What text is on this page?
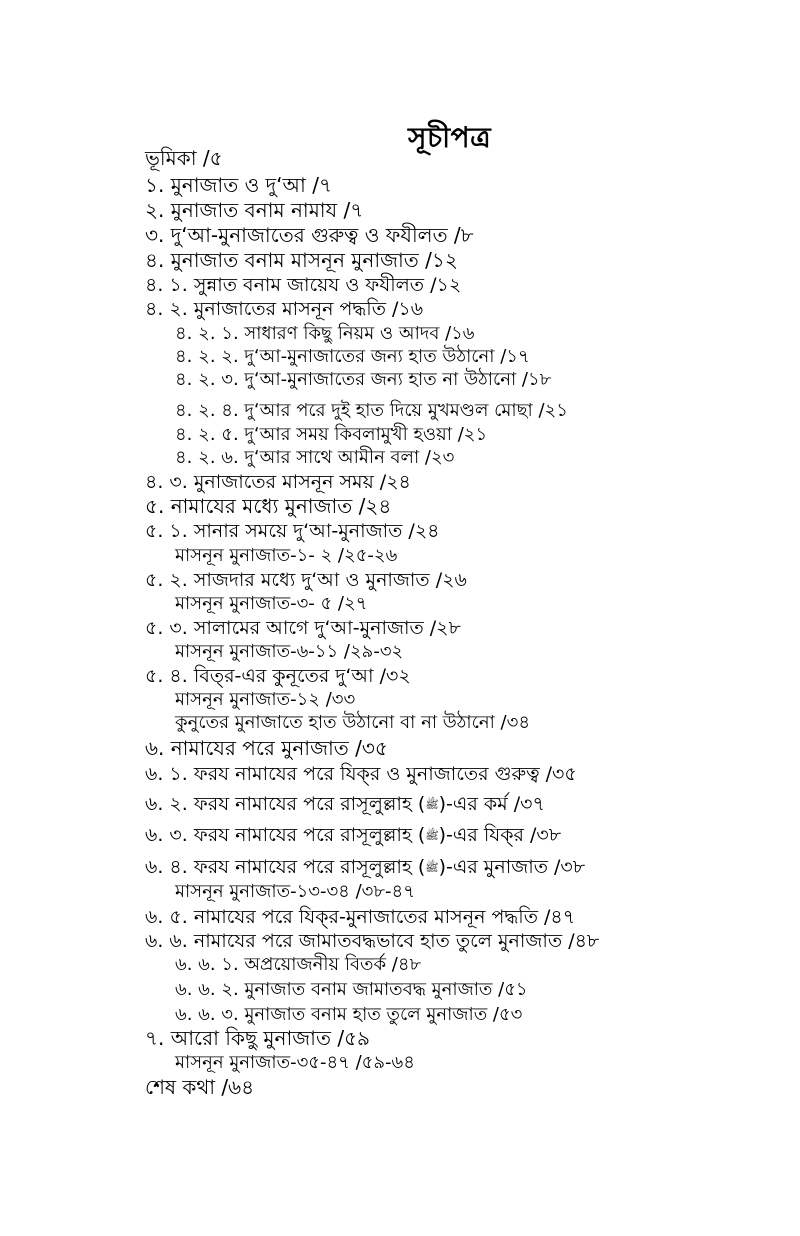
সূচীপত্র
ভূমিকা /৫
১. মুনাজাত ও দু‘আ /৭
২. মুনাজাত বনাম নামায /৭
৩. দু‘আ-মুনাজাতের গুরুত্ব ও ফযীলত /৮
৪. মুনাজাত বনাম মাসনূন মুনাজাত /১২
৪. ১. সুন্নাত বনাম জায়েয ও ফযীলত /১২
৪. ২. মুনাজাতের মাসনূন পদ্ধতি /১৬
৪. ২. ১. সাধারণ কিছু নিয়ম ও আদব /১৬
৪. ২. ২. দু‘আ-মুনাজাতের জন্য হাত উঠানো /১৭
৪. ২. ৩. দু‘আ-মুনাজাতের জন্য হাত না উঠানো /১৮
৪. ২. ৪. দু‘আর পরে দুই হাত দিয়ে মুখমণ্ডল মোছা /২১
৪. ২. ৫. দু‘আর সময় কিবলামুখী হওয়া /২১
৪. ২. ৬. দু‘আর সাথে আমীন বলা /২৩
৪. ৩. মুনাজাতের মাসনূন সময় /২৪
৫. নামাযের মধ্যে মুনাজাত /২৪
৫. ১. সানার সময়ে দু‘আ-মুনাজাত /২৪
মাসনূন মুনাজাত-১- ২ /২৫-২৬
৫. ২. সাজদার মধ্যে দু‘আ ও মুনাজাত /২৬
মাসনূন মুনাজাত-৩- ৫ /২৭
৫. ৩. সালামের আগে দু‘আ-মুনাজাত /২৮
মাসনূন মুনাজাত-৬-১১ /২৯-৩২
৫. ৪. বিত্‌র-এর কুনূতের দু‘আ /৩২
মাসনূন মুনাজাত-১২ /৩৩
কুনুতের মুনাজাতে হাত উঠানো বা না উঠানো /৩৪
৬. নামাযের পরে মুনাজাত /৩৫
৬. ১. ফরয নামাযের পরে যিক্‌র ও মুনাজাতের গুরুত্ব /৩৫
৬. ২. ফরয নামাযের পরে রাসূলুল্লাহ (ﷺ)-এর কর্ম /৩৭
৬. ৩. ফরয নামাযের পরে রাসূলুল্লাহ (ﷺ)-এর যিক্‌র /৩৮
৬. ৪. ফরয নামাযের পরে রাসূলুল্লাহ (ﷺ)-এর মুনাজাত /৩৮
মাসনূন মুনাজাত-১৩-৩৪ /৩৮-৪৭
৬. ৫. নামাযের পরে যিক্‌র-মুনাজাতের মাসনূন পদ্ধতি /৪৭
৬. ৬. নামাযের পরে জামাতবদ্ধভাবে হাত তুলে মুনাজাত /৪৮
৬. ৬. ১. অপ্রয়োজনীয় বিতর্ক /৪৮
৬. ৬. ২. মুনাজাত বনাম জামাতবদ্ধ মুনাজাত /৫১
৬. ৬. ৩. মুনাজাত বনাম হাত তুলে মুনাজাত /৫৩
৭. আরো কিছু মুনাজাত /৫৯
মাসনূন মুনাজাত-৩৫-৪৭ /৫৯-৬৪
শেষ কথা /৬৪
